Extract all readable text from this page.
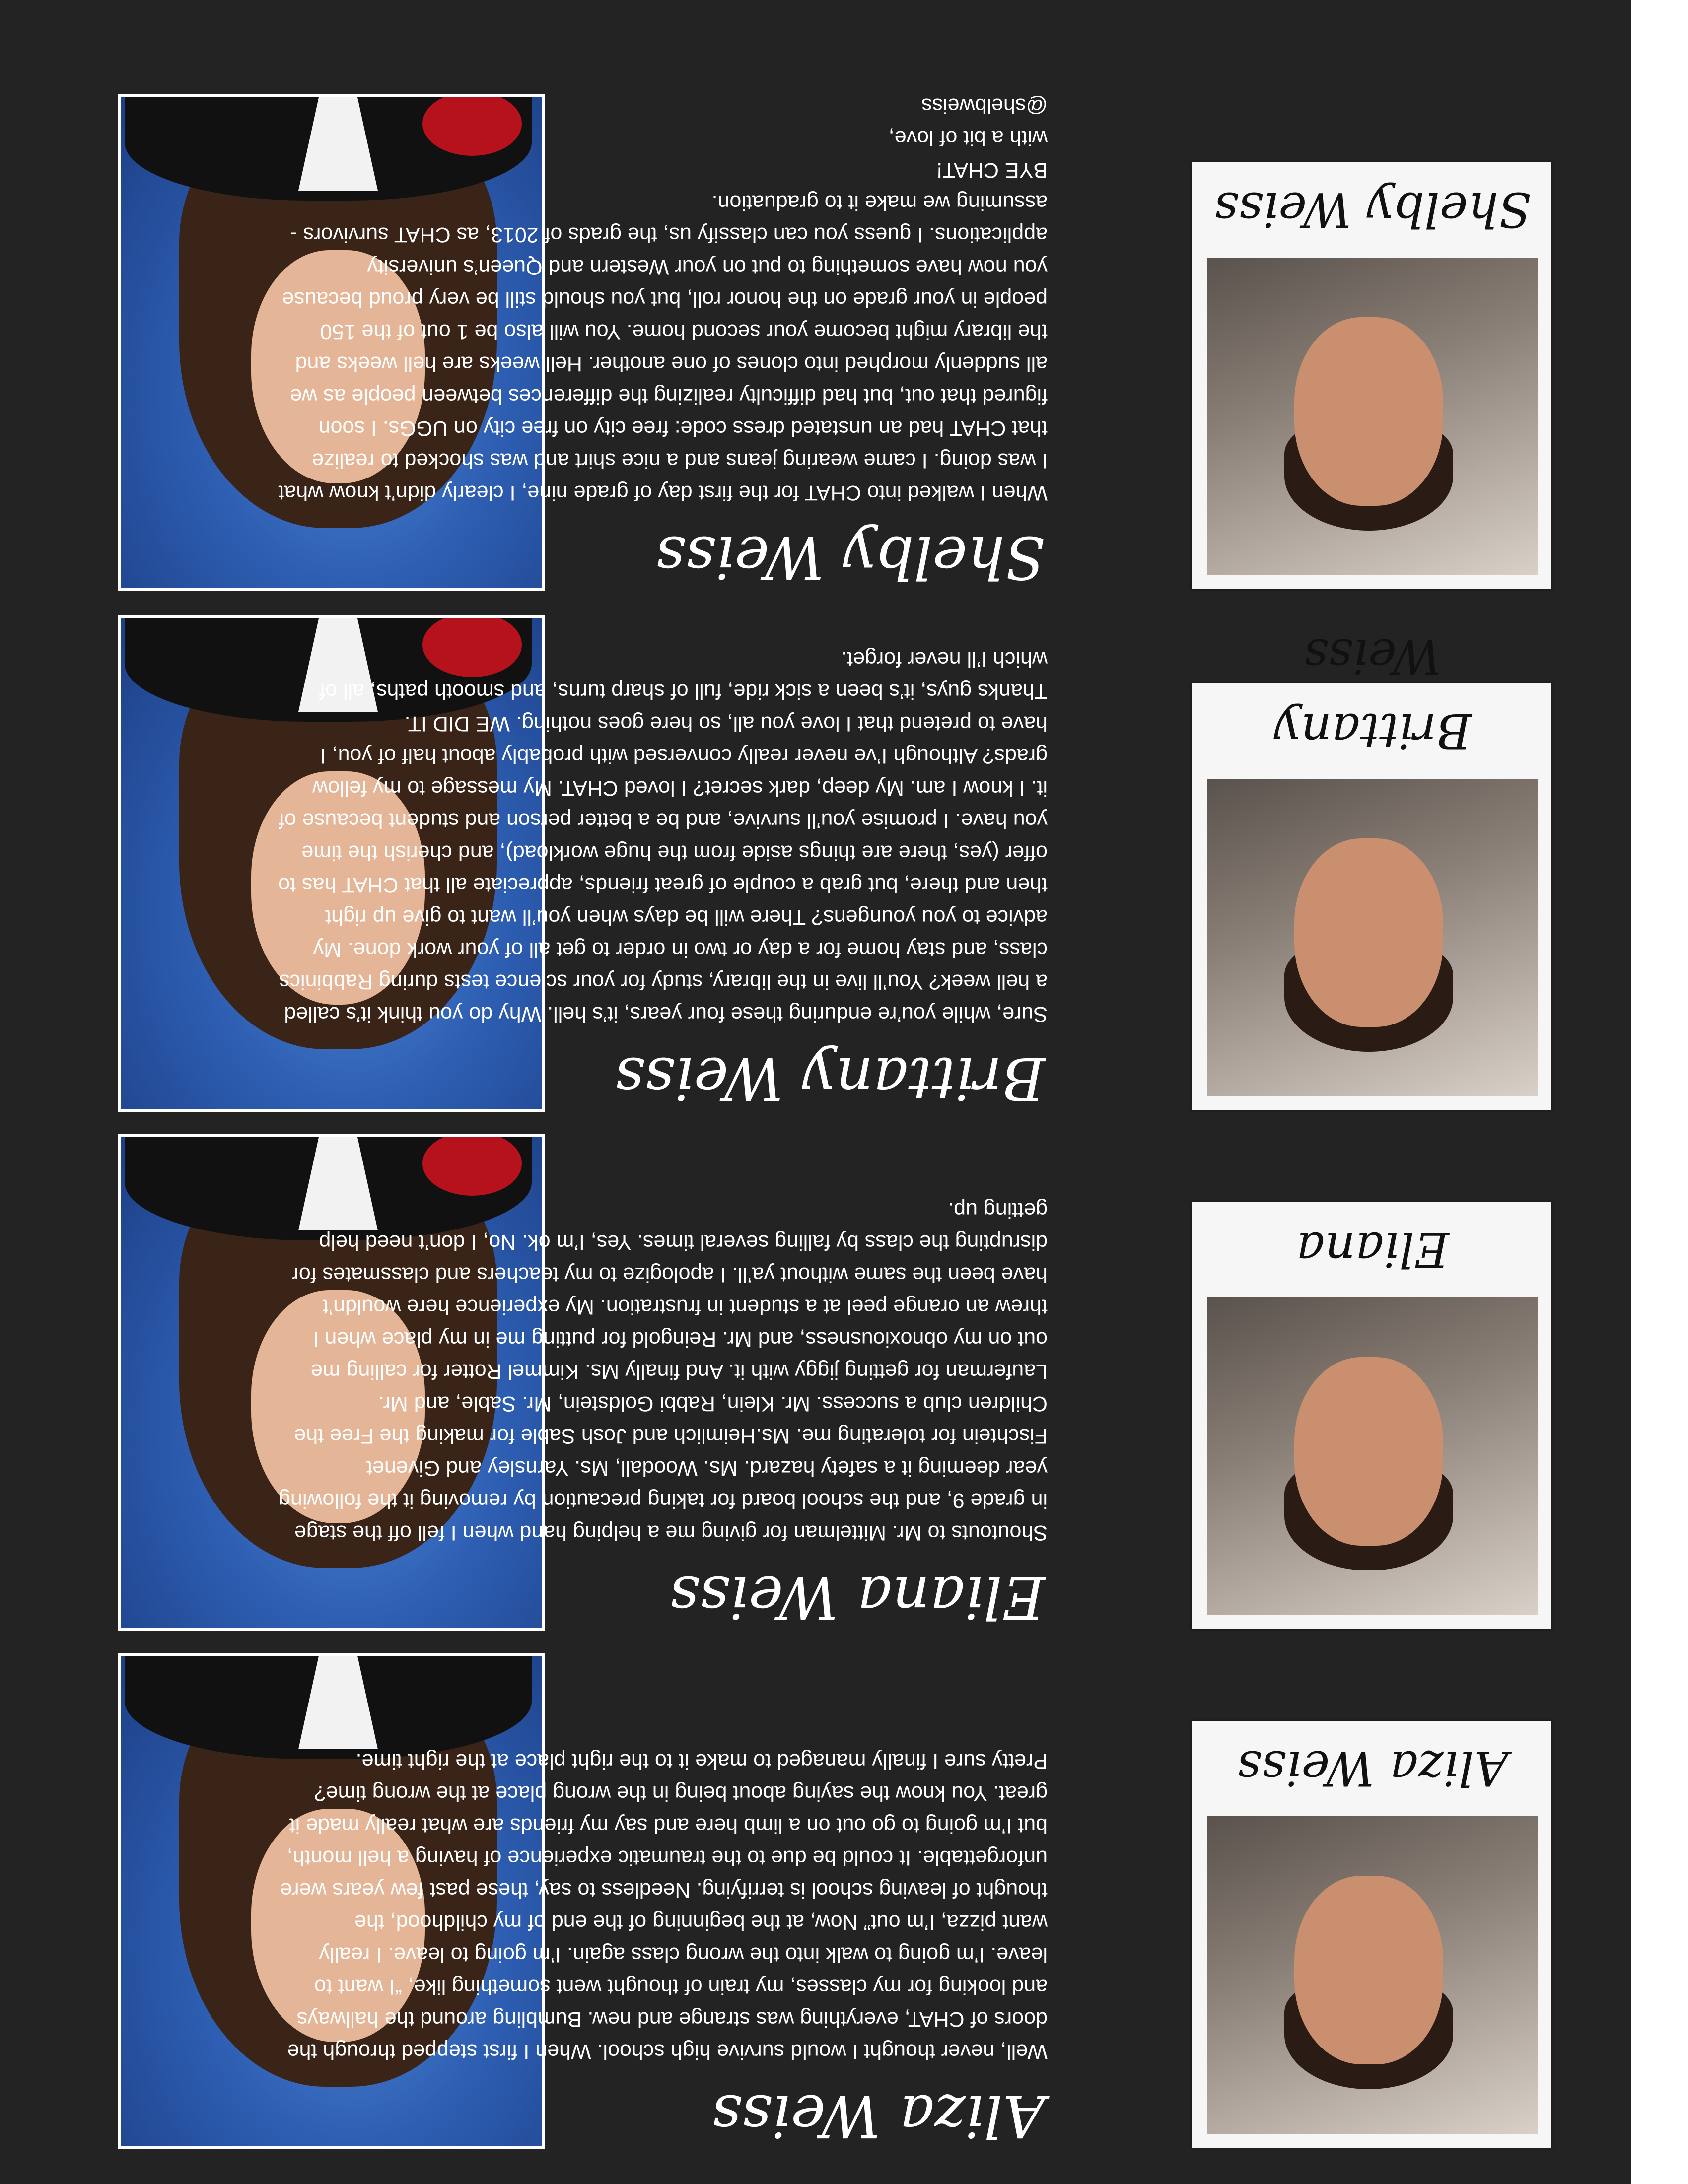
Aliza Weiss

Well, never thought I would survive high school. When I first stepped through the doors of CHAT, everything was strange and new. Bumbling around the hallways and looking for my classes, my train of thought went something like, “I want to leave. I’m going to walk into the wrong class again. I’m going to leave. I really want pizza, I’m out” Now, at the beginning of the end of my childhood, the thought of leaving school is terrifying. Needless to say, these past few years were unforgettable. It could be due to the traumatic experience of having a hell month, but I’m going to go out on a limb here and say my friends are what really made it great. You know the saying about being in the wrong place at the wrong time? Pretty sure I finally managed to make it to the right place at the right time.	Aliza Weiss
Eliana Weiss

Shoutouts to Mr. Mittelman for giving me a helping hand when I fell off the stage in grade 9, and the school board for taking precaution by removing it the following year deeming it a safety hazard. Ms. Woodall, Ms. Yarnsley and Givenet Fischtein for tolerating me. Ms.Heimlich and Josh Sable for making the Free the Children club a success. Mr. Klein, Rabbi Goldstein, Mr. Sable, and Mr. Lauferman for getting jiggy with it. And finally Ms. Kimmel Rotter for calling me out on my obnoxiousness, and Mr. Reingold for putting me in my place when I threw an orange peel at a student in frustration. My experience here wouldn’t have been the same without ya’ll. I apologize to my teachers and classmates for disrupting the class by falling several times. Yes, I’m ok. No, I don’t need help getting up.

Eliana
Brittany Weiss

Sure, while you’re enduring these four years, it’s hell. Why do you think it’s called a hell week? You’ll live in the library, study for your science tests during Rabbinics class, and stay home for a day or two in order to get all of your work done. My advice to you youngens? There will be days when you’ll want to give up right then and there, but grab a couple of great friends, appreciate all that CHAT has to offer (yes, there are things aside from the huge workload), and cherish the time you have. I promise you’ll survive, and be a better person and student because of it. I know I am. My deep, dark secret? I loved CHAT. My message to my fellow grads? Although I’ve never really conversed with probably about half of you, I have to pretend that I love you all, so here goes nothing. WE DID IT.

Thanks guys, it’s been a sick ride, full of sharp turns, and smooth paths, all of which I’ll never forget.

Brittany Weiss
Shelby Weiss

When I walked into CHAT for the first day of grade nine, I clearly didn’t know what I was doing. I came wearing jeans and a nice shirt and was shocked to realize that CHAT had an unstated dress code: free city on free city on UGGs. I soon figured that out, but had difficulty realizing the differences between people as we all suddenly morphed into clones of one another. Hell weeks are hell weeks and the library might become your second home. You will also be 1 out of the 150 people in your grade on the honor roll, but you should still be very proud because you now have something to put on your Western and Queen’s university applications. I guess you can classify us, the grads of 2013, as CHAT survivors - assuming we make it to graduation.

BYE CHAT!

with a bit of love,

@shelbweiss

Shelby Weiss
